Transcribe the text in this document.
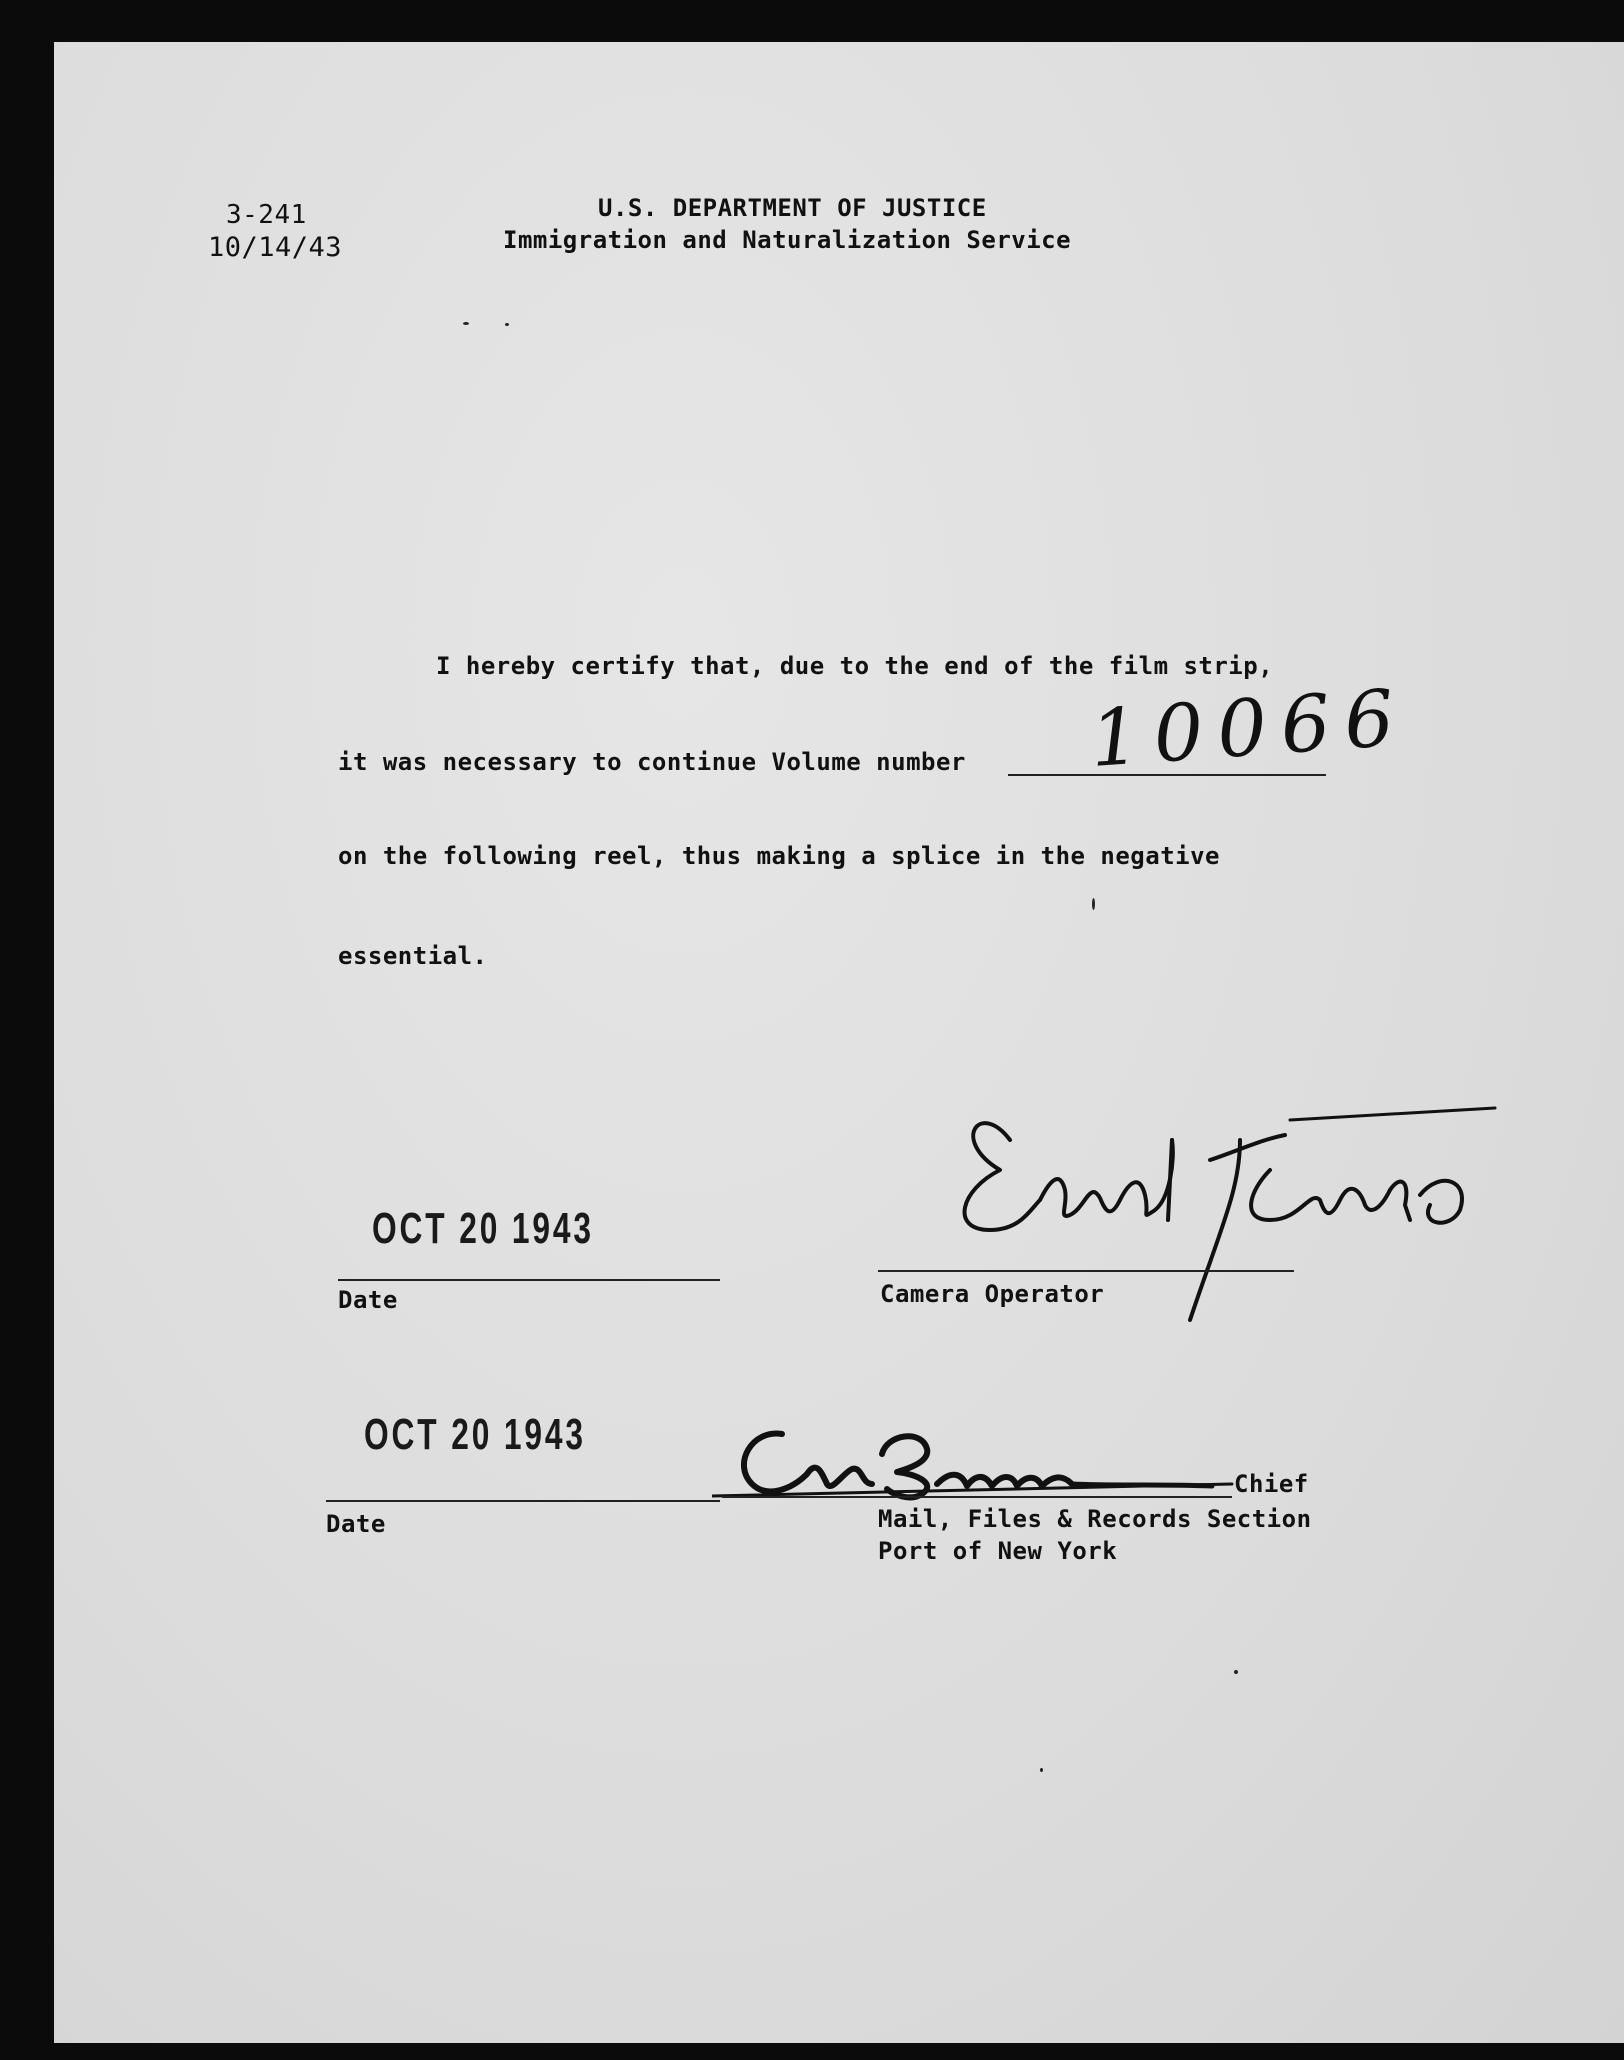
3-241
10/14/43
U.S. DEPARTMENT OF JUSTICE
Immigration and Naturalization Service
I hereby certify that, due to the end of the film strip,
it was necessary to continue Volume number 10066
on the following reel, thus making a splice in the negative
essential.
OCT 20 1943
Date	Camera Operator
OCT 20 1943
Date
Chief
Mail, Files & Records Section
Port of New York
